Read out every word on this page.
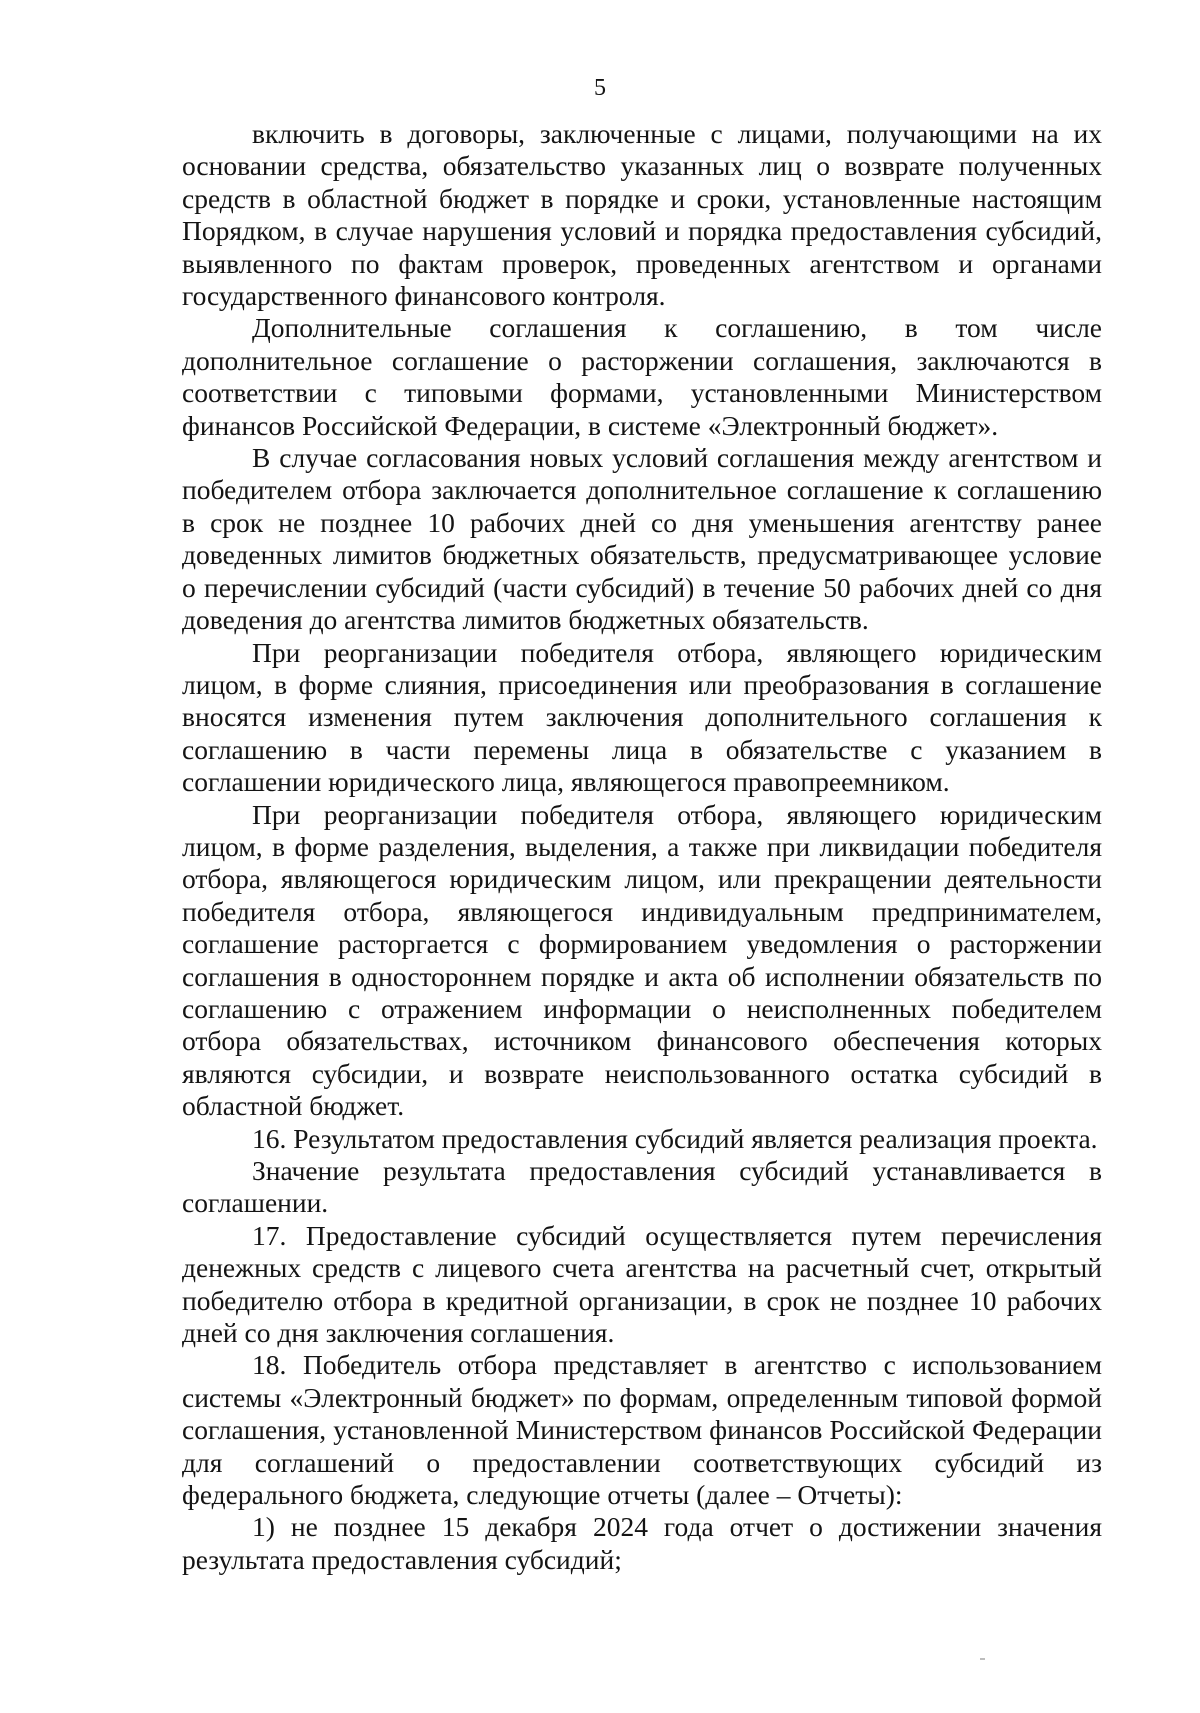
5

включить в договоры, заключенные с лицами, получающими на их основании средства, обязательство указанных лиц о возврате полученных средств в областной бюджет в порядке и сроки, установленные настоящим Порядком, в случае нарушения условий и порядка предоставления субсидий, выявленного по фактам проверок, проведенных агентством и органами государственного финансового контроля.

Дополнительные соглашения к соглашению, в том числе дополнительное соглашение о расторжении соглашения, заключаются в соответствии с типовыми формами, установленными Министерством финансов Российской Федерации, в системе «Электронный бюджет».

В случае согласования новых условий соглашения между агентством и победителем отбора заключается дополнительное соглашение к соглашению в срок не позднее 10 рабочих дней со дня уменьшения агентству ранее доведенных лимитов бюджетных обязательств, предусматривающее условие о перечислении субсидий (части субсидий) в течение 50 рабочих дней со дня доведения до агентства лимитов бюджетных обязательств.

При реорганизации победителя отбора, являющего юридическим лицом, в форме слияния, присоединения или преобразования в соглашение вносятся изменения путем заключения дополнительного соглашения к соглашению в части перемены лица в обязательстве с указанием в соглашении юридического лица, являющегося правопреемником.

При реорганизации победителя отбора, являющего юридическим лицом, в форме разделения, выделения, а также при ликвидации победителя отбора, являющегося юридическим лицом, или прекращении деятельности победителя отбора, являющегося индивидуальным предпринимателем, соглашение расторгается с формированием уведомления о расторжении соглашения в одностороннем порядке и акта об исполнении обязательств по соглашению с отражением информации о неисполненных победителем отбора обязательствах, источником финансового обеспечения которых являются субсидии, и возврате неиспользованного остатка субсидий в областной бюджет.

16. Результатом предоставления субсидий является реализация проекта.

Значение результата предоставления субсидий устанавливается в соглашении.

17. Предоставление субсидий осуществляется путем перечисления денежных средств с лицевого счета агентства на расчетный счет, открытый победителю отбора в кредитной организации, в срок не позднее 10 рабочих дней со дня заключения соглашения.

18. Победитель отбора представляет в агентство с использованием системы «Электронный бюджет» по формам, определенным типовой формой соглашения, установленной Министерством финансов Российской Федерации для соглашений о предоставлении соответствующих субсидий из федерального бюджета, следующие отчеты (далее – Отчеты):

1) не позднее 15 декабря 2024 года отчет о достижении значения результата предоставления субсидий;
